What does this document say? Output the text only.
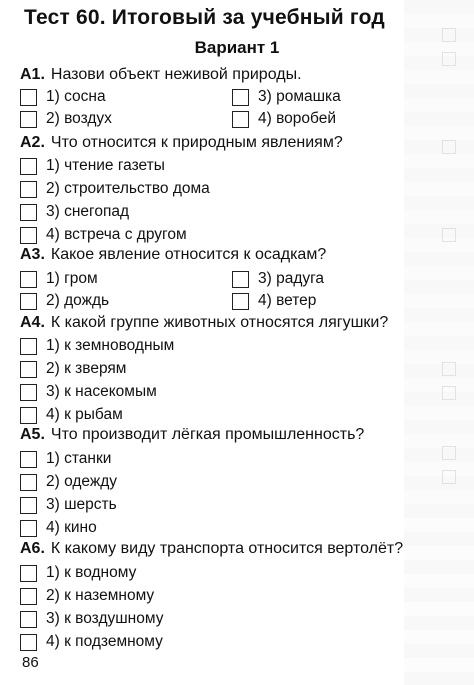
Тест 60. Итоговый за учебный год
Вариант 1
А1. Назови объект неживой природы.
1) сосна	3) ромашка
2) воздух	4) воробей
А2. Что относится к природным явлениям?
1) чтение газеты
2) строительство дома
3) снегопад
4) встреча с другом
А3. Какое явление относится к осадкам?
1) гром	3) радуга
2) дождь	4) ветер
А4. К какой группе животных относятся лягушки?
1) к земноводным
2) к зверям
3) к насекомым
4) к рыбам
А5. Что производит лёгкая промышленность?
1) станки
2) одежду
3) шерсть
4) кино
А6. К какому виду транспорта относится вертолёт?
1) к водному
2) к наземному
3) к воздушному
4) к подземному
86
